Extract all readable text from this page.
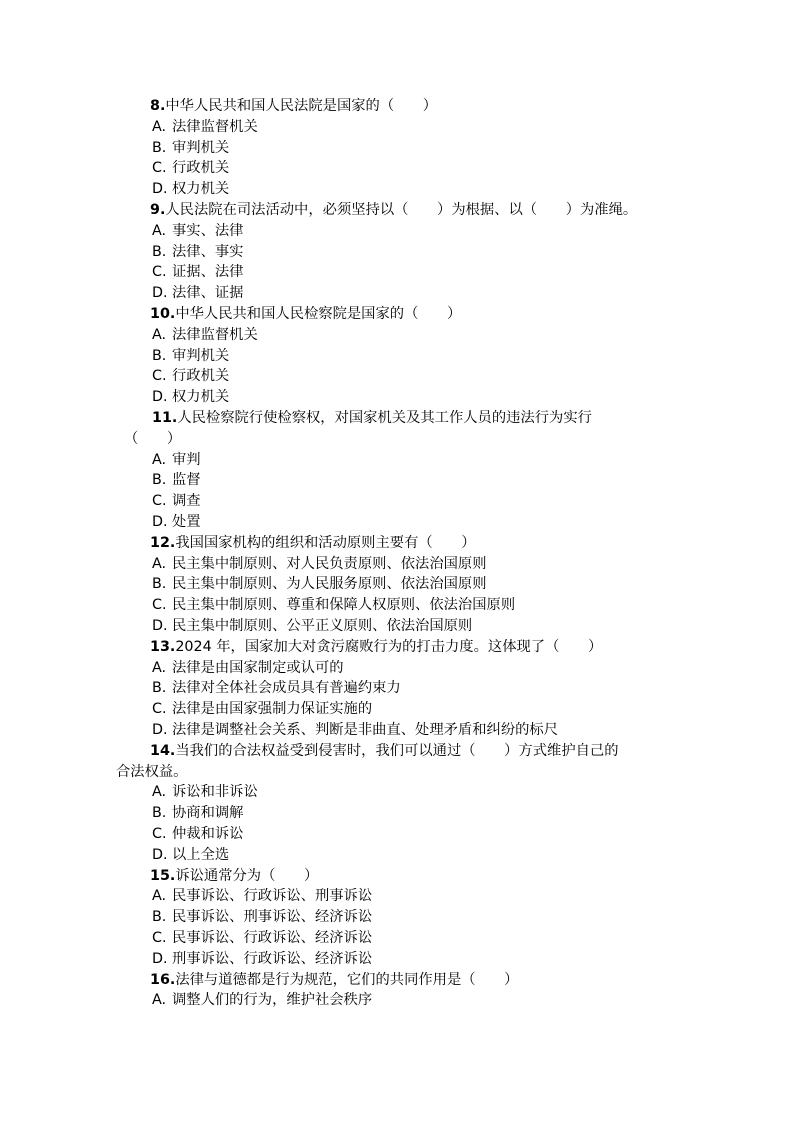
8.中华人民共和国人民法院是国家的（　　）
A. 法律监督机关
B. 审判机关
C. 行政机关
D. 权力机关
9.人民法院在司法活动中，必须坚持以（　　）为根据、以（　　）为准绳。
A. 事实、法律
B. 法律、事实
C. 证据、法律
D. 法律、证据
10.中华人民共和国人民检察院是国家的（　　）
A. 法律监督机关
B. 审判机关
C. 行政机关
D. 权力机关
11.人民检察院行使检察权，对国家机关及其工作人员的违法行为实行
（　　）
A. 审判
B. 监督
C. 调查
D. 处置
12.我国国家机构的组织和活动原则主要有（　　）
A. 民主集中制原则、对人民负责原则、依法治国原则
B. 民主集中制原则、为人民服务原则、依法治国原则
C. 民主集中制原则、尊重和保障人权原则、依法治国原则
D. 民主集中制原则、公平正义原则、依法治国原则
13.2024 年，国家加大对贪污腐败行为的打击力度。这体现了（　　）
A. 法律是由国家制定或认可的
B. 法律对全体社会成员具有普遍约束力
C. 法律是由国家强制力保证实施的
D. 法律是调整社会关系、判断是非曲直、处理矛盾和纠纷的标尺
14.当我们的合法权益受到侵害时，我们可以通过（　　）方式维护自己的
合法权益。
A. 诉讼和非诉讼
B. 协商和调解
C. 仲裁和诉讼
D. 以上全选
15.诉讼通常分为（　　）
A. 民事诉讼、行政诉讼、刑事诉讼
B. 民事诉讼、刑事诉讼、经济诉讼
C. 民事诉讼、行政诉讼、经济诉讼
D. 刑事诉讼、行政诉讼、经济诉讼
16.法律与道德都是行为规范，它们的共同作用是（　　）
A. 调整人们的行为，维护社会秩序
